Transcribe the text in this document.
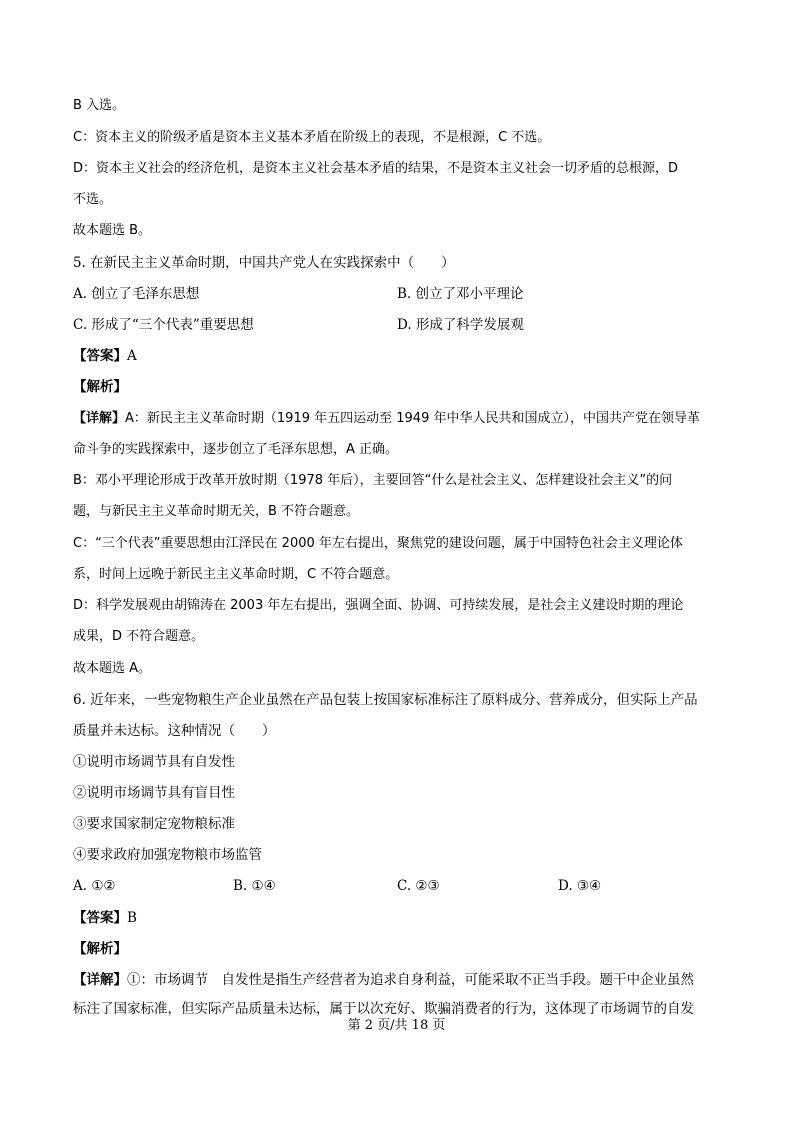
B 入选。
C：资本主义的阶级矛盾是资本主义基本矛盾在阶级上的表现，不是根源，C 不选。
D：资本主义社会的经济危机，是资本主义社会基本矛盾的结果，不是资本主义社会一切矛盾的总根源，D
不选。
故本题选 B。
5. 在新民主主义革命时期，中国共产党人在实践探索中（　　）
A. 创立了毛泽东思想	B. 创立了邓小平理论
C. 形成了“三个代表”重要思想	D. 形成了科学发展观
【答案】A
【解析】
【详解】A：新民主主义革命时期（1919 年五四运动至 1949 年中华人民共和国成立），中国共产党在领导革
命斗争的实践探索中，逐步创立了毛泽东思想，A 正确。
B：邓小平理论形成于改革开放时期（1978 年后），主要回答“什么是社会主义、怎样建设社会主义”的问
题，与新民主主义革命时期无关，B 不符合题意。
C：“三个代表”重要思想由江泽民在 2000 年左右提出，聚焦党的建设问题，属于中国特色社会主义理论体
系，时间上远晚于新民主主义革命时期，C 不符合题意。
D：科学发展观由胡锦涛在 2003 年左右提出，强调全面、协调、可持续发展，是社会主义建设时期的理论
成果，D 不符合题意。
故本题选 A。
6. 近年来，一些宠物粮生产企业虽然在产品包装上按国家标准标注了原料成分、营养成分，但实际上产品
质量并未达标。这种情况（　　）
①说明市场调节具有自发性
②说明市场调节具有盲目性
③要求国家制定宠物粮标准
④要求政府加强宠物粮市场监管
A. ①②	B. ①④	C. ②③	D. ③④
【答案】B
【解析】
【详解】①：市场调节　自发性是指生产经营者为追求自身利益，可能采取不正当手段。题干中企业虽然
标注了国家标准，但实际产品质量未达标，属于以次充好、欺骗消费者的行为，这体现了市场调节的自发
第 2 页/共 18 页
